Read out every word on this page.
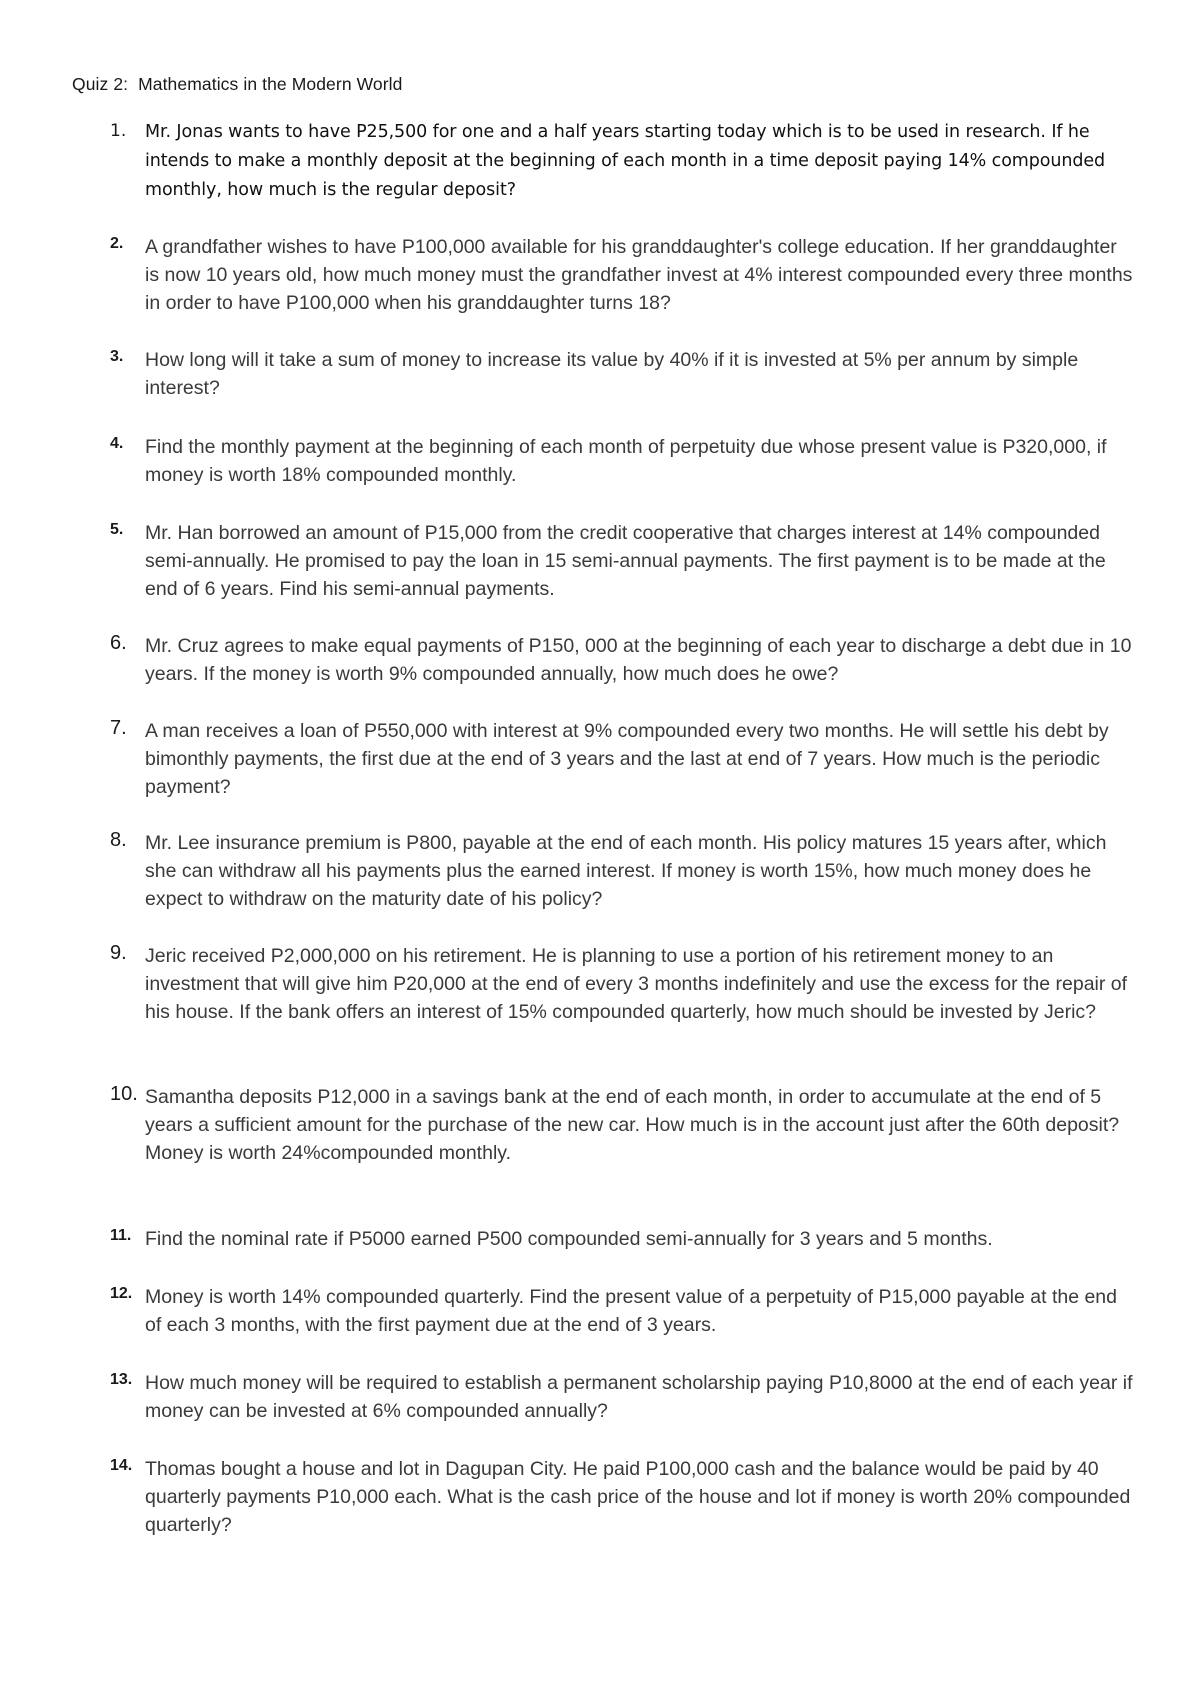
Quiz 2: Mathematics in the Modern World
1.	Mr. Jonas wants to have P25,500 for one and a half years starting today which is to be used in research. If he intends to make a monthly deposit at the beginning of each month in a time deposit paying 14% compounded monthly, how much is the regular deposit?
2.	A grandfather wishes to have P100,000 available for his granddaughter's college education. If her granddaughter is now 10 years old, how much money must the grandfather invest at 4% interest compounded every three months in order to have P100,000 when his granddaughter turns 18?
3.	How long will it take a sum of money to increase its value by 40% if it is invested at 5% per annum by simple interest?
4.	Find the monthly payment at the beginning of each month of perpetuity due whose present value is P320,000, if money is worth 18% compounded monthly.
5.	Mr. Han borrowed an amount of P15,000 from the credit cooperative that charges interest at 14% compounded semi-annually. He promised to pay the loan in 15 semi-annual payments. The first payment is to be made at the end of 6 years. Find his semi-annual payments.
6. Mr. Cruz agrees to make equal payments of P150, 000 at the beginning of each year to discharge a debt due in 10 years. If the money is worth 9% compounded annually, how much does he owe?
7. A man receives a loan of P550,000 with interest at 9% compounded every two months. He will settle his debt by bimonthly payments, the first due at the end of 3 years and the last at end of 7 years. How much is the periodic payment?
8. Mr. Lee insurance premium is P800, payable at the end of each month. His policy matures 15 years after, which she can withdraw all his payments plus the earned interest. If money is worth 15%, how much money does he expect to withdraw on the maturity date of his policy?
9. Jeric received P2,000,000 on his retirement. He is planning to use a portion of his retirement money to an investment that will give him P20,000 at the end of every 3 months indefinitely and use the excess for the repair of his house. If the bank offers an interest of 15% compounded quarterly, how much should be invested by Jeric?
10. Samantha deposits P12,000 in a savings bank at the end of each month, in order to accumulate at the end of 5 years a sufficient amount for the purchase of the new car. How much is in the account just after the 60th deposit? Money is worth 24%compounded monthly.
11. Find the nominal rate if P5000 earned P500 compounded semi-annually for 3 years and 5 months.
12. Money is worth 14% compounded quarterly. Find the present value of a perpetuity of P15,000 payable at the end of each 3 months, with the first payment due at the end of 3 years.
13. How much money will be required to establish a permanent scholarship paying P10,8000 at the end of each year if money can be invested at 6% compounded annually?
14. Thomas bought a house and lot in Dagupan City. He paid P100,000 cash and the balance would be paid by 40 quarterly payments P10,000 each. What is the cash price of the house and lot if money is worth 20% compounded quarterly?
